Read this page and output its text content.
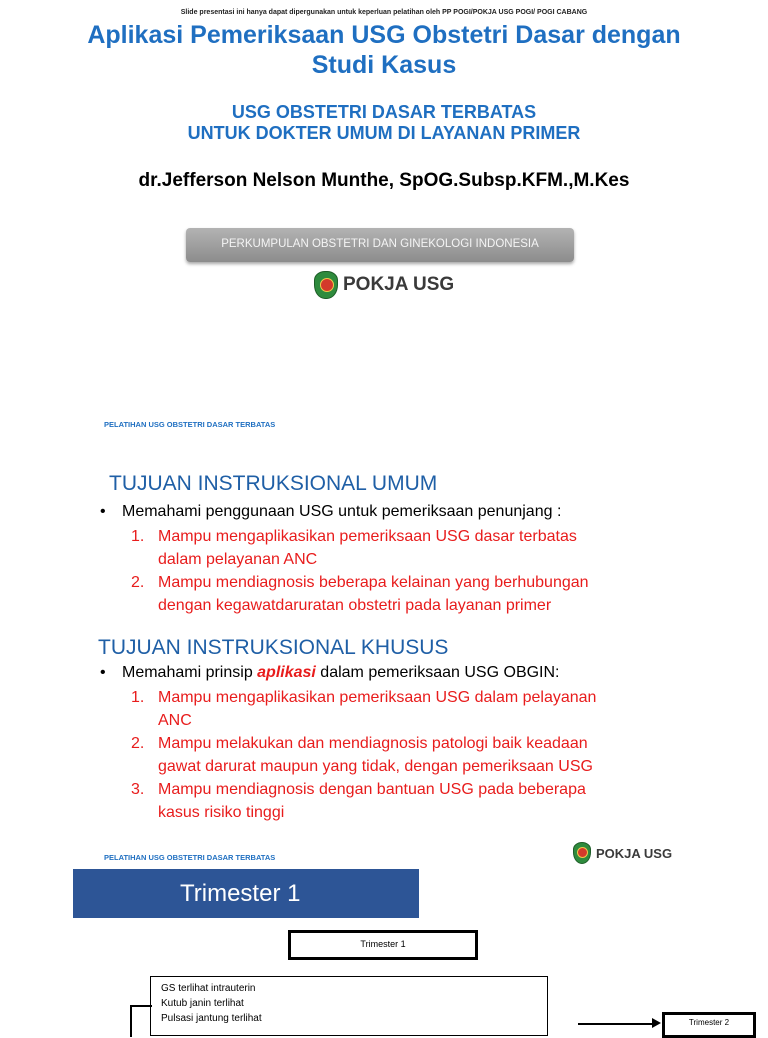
Slide presentasi ini hanya dapat dipergunakan untuk keperluan pelatihan oleh PP POGI/POKJA USG POGI/ POGI CABANG
Aplikasi Pemeriksaan USG Obstetri Dasar dengan
Studi Kasus
USG OBSTETRI DASAR TERBATAS
UNTUK DOKTER UMUM DI LAYANAN PRIMER
dr.Jefferson Nelson Munthe, SpOG.Subsp.KFM.,M.Kes
PERKUMPULAN OBSTETRI DAN GINEKOLOGI INDONESIA
POKJA USG
PELATIHAN USG OBSTETRI DASAR TERBATAS
TUJUAN INSTRUKSIONAL UMUM
•	Memahami penggunaan USG untuk pemeriksaan penunjang :
1. Mampu mengaplikasikan pemeriksaan USG dasar terbatas
dalam pelayanan ANC
2. Mampu mendiagnosis beberapa kelainan yang berhubungan
dengan kegawatdaruratan obstetri pada layanan primer
TUJUAN INSTRUKSIONAL KHUSUS
•	Memahami prinsip aplikasi dalam pemeriksaan USG OBGIN:
1. Mampu mengaplikasikan pemeriksaan USG dalam pelayanan
ANC
2. Mampu melakukan dan mendiagnosis patologi baik keadaan
gawat darurat maupun yang tidak, dengan pemeriksaan USG
3. Mampu mendiagnosis dengan bantuan USG pada beberapa
kasus risiko tinggi
PELATIHAN USG OBSTETRI DASAR TERBATAS	POKJA USG
Trimester 1
Trimester 1
GS terlihat intrauterin
Kutub janin terlihat
Pulsasi jantung terlihat	Trimester 2
